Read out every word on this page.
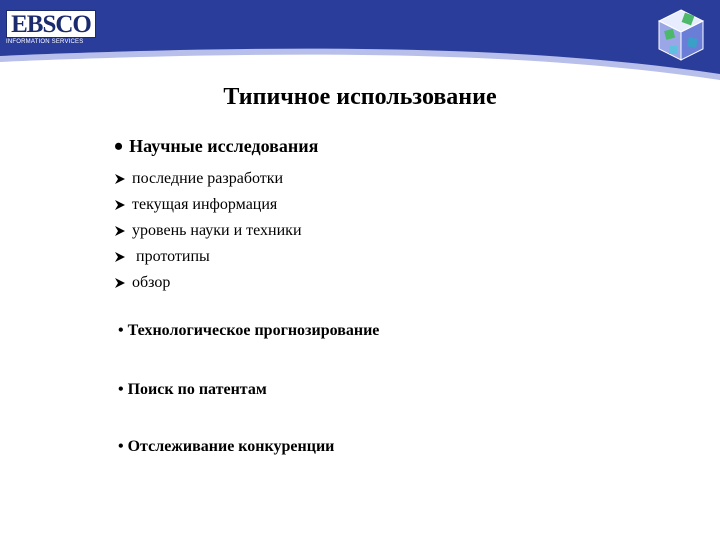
EBSCO
INFORMATION SERVICES
Типичное использование
• Научные исследования
последние разработки
текущая информация
уровень науки и техники
прототипы
обзор
• Технологическое прогнозирование
• Поиск по патентам
• Отслеживание конкуренции
